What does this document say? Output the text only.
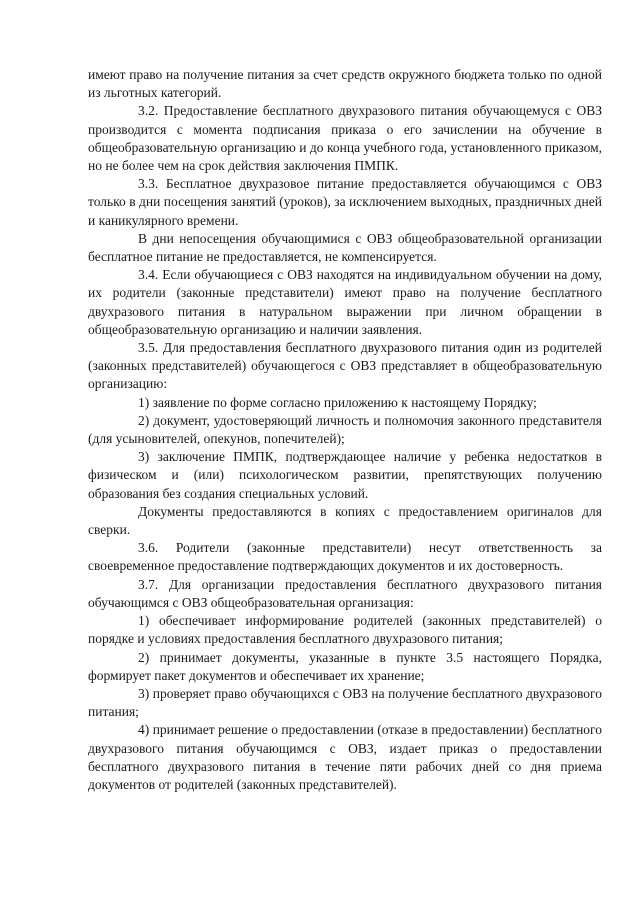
имеют право на получение питания за счет средств окружного бюджета только по одной из льготных категорий.

3.2. Предоставление бесплатного двухразового питания обучающемуся с ОВЗ производится с момента подписания приказа о его зачислении на обучение в общеобразовательную организацию и до конца учебного года, установленного приказом, но не более чем на срок действия заключения ПМПК.

3.3. Бесплатное двухразовое питание предоставляется обучающимся с ОВЗ только в дни посещения занятий (уроков), за исключением выходных, праздничных дней и каникулярного времени.

В дни непосещения обучающимися с ОВЗ общеобразовательной организации бесплатное питание не предоставляется, не компенсируется.

3.4. Если обучающиеся с ОВЗ находятся на индивидуальном обучении на дому, их родители (законные представители) имеют право на получение бесплатного двухразового питания в натуральном выражении при личном обращении в общеобразовательную организацию и наличии заявления.

3.5. Для предоставления бесплатного двухразового питания один из родителей (законных представителей) обучающегося с ОВЗ представляет в общеобразовательную организацию:

1) заявление по форме согласно приложению к настоящему Порядку;

2) документ, удостоверяющий личность и полномочия законного представителя (для усыновителей, опекунов, попечителей);

3) заключение ПМПК, подтверждающее наличие у ребенка недостатков в физическом и (или) психологическом развитии, препятствующих получению образования без создания специальных условий.

Документы предоставляются в копиях с предоставлением оригиналов для сверки.

3.6. Родители (законные представители) несут ответственность за своевременное предоставление подтверждающих документов и их достоверность.

3.7. Для организации предоставления бесплатного двухразового питания обучающимся с ОВЗ общеобразовательная организация:

1) обеспечивает информирование родителей (законных представителей) о порядке и условиях предоставления бесплатного двухразового питания;

2) принимает документы, указанные в пункте 3.5 настоящего Порядка, формирует пакет документов и обеспечивает их хранение;

3) проверяет право обучающихся с ОВЗ на получение бесплатного двухразового питания;

4) принимает решение о предоставлении (отказе в предоставлении) бесплатного двухразового питания обучающимся с ОВЗ, издает приказ о предоставлении бесплатного двухразового питания в течение пяти рабочих дней со дня приема документов от родителей (законных представителей).
